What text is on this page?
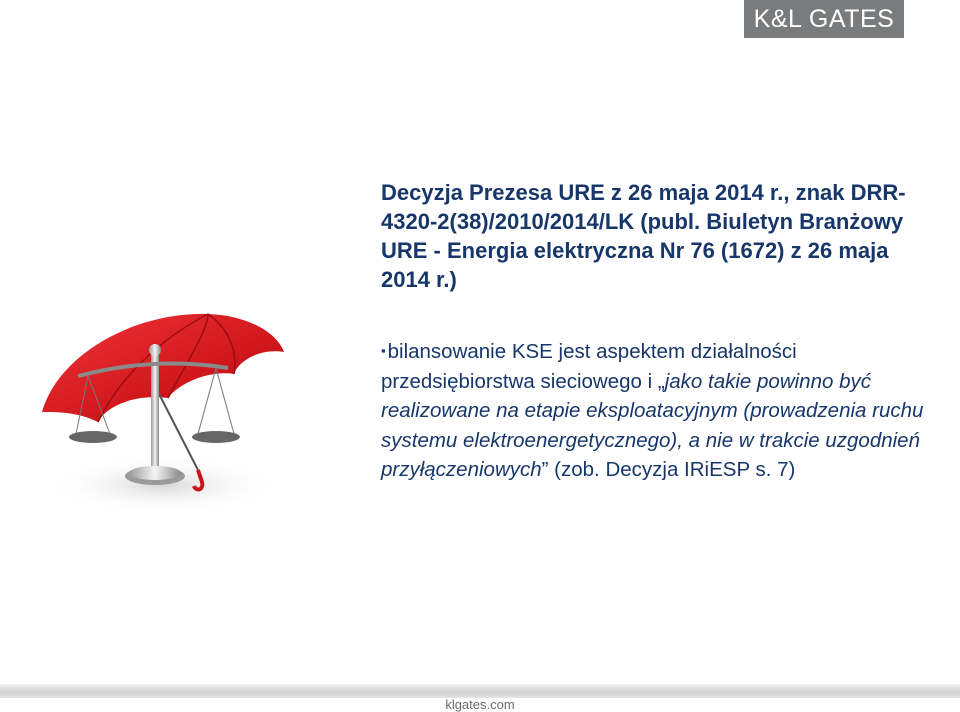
K&L GATES
Decyzja Prezesa URE z 26 maja 2014 r., znak DRR-4320-2(38)/2010/2014/LK (publ. Biuletyn Branżowy URE - Energia elektryczna Nr 76 (1672) z 26 maja 2014 r.)
▪bilansowanie KSE jest aspektem działalności przedsiębiorstwa sieciowego i „jako takie powinno być realizowane na etapie eksploatacyjnym (prowadzenia ruchu systemu elektroenergetycznego), a nie w trakcie uzgodnień przyłączeniowych” (zob. Decyzja IRiESP s. 7)
klgates.com
